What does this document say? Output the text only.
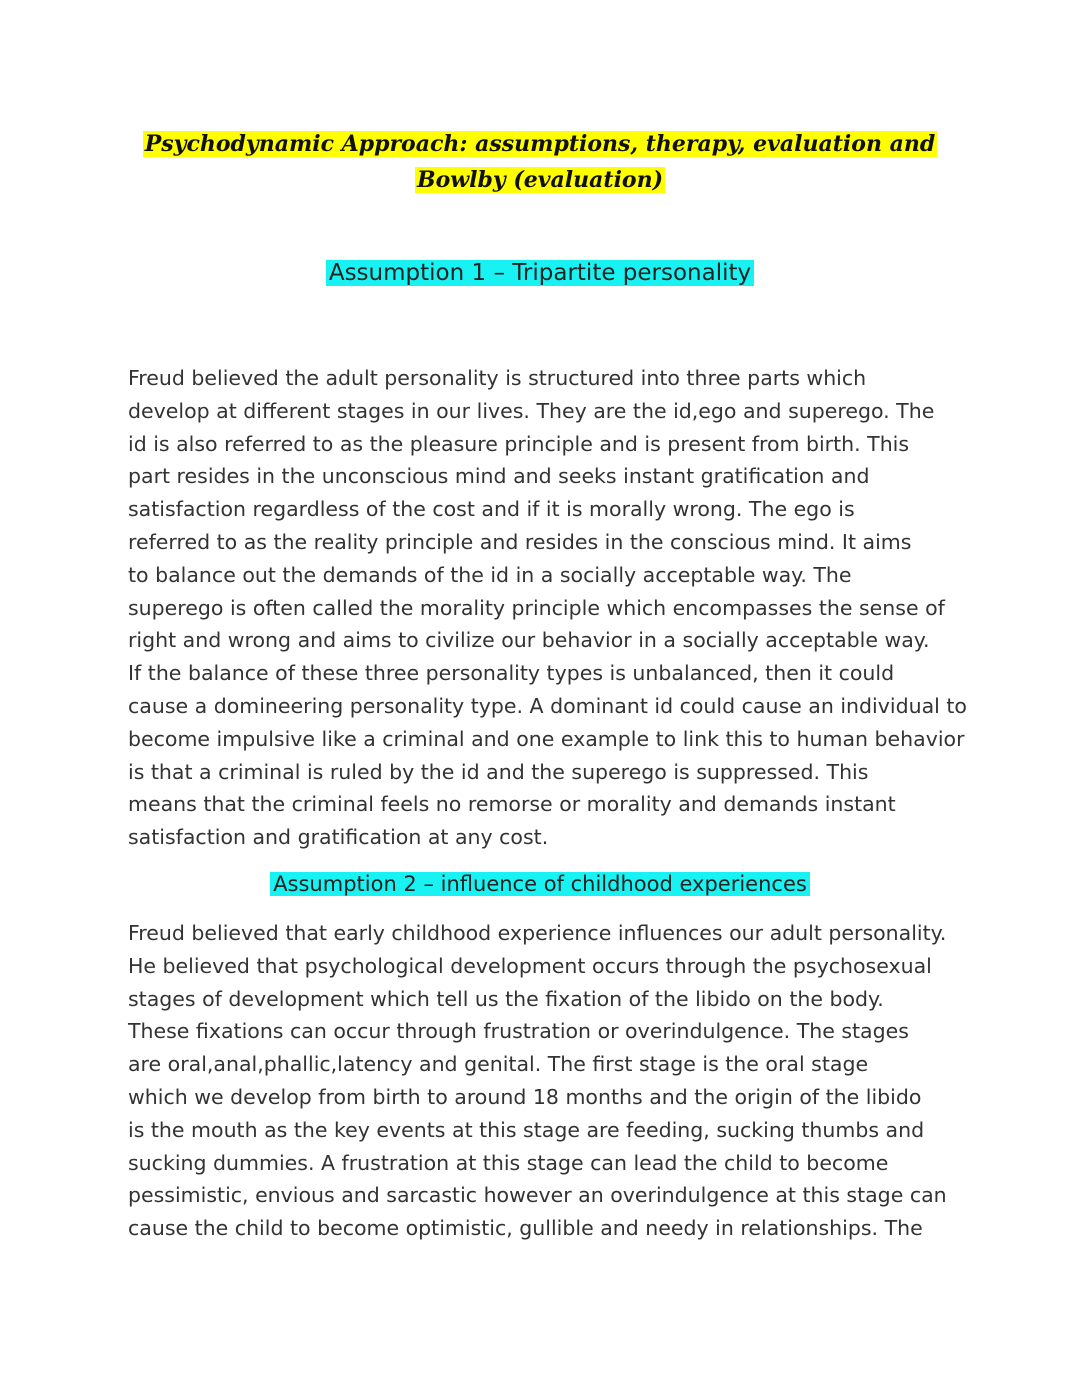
Psychodynamic Approach: assumptions, therapy, evaluation and
Bowlby (evaluation)
Assumption 1 – Tripartite personality
Freud believed the adult personality is structured into three parts which
develop at different stages in our lives. They are the id,ego and superego. The
id is also referred to as the pleasure principle and is present from birth. This
part resides in the unconscious mind and seeks instant gratification and
satisfaction regardless of the cost and if it is morally wrong. The ego is
referred to as the reality principle and resides in the conscious mind. It aims
to balance out the demands of the id in a socially acceptable way. The
superego is often called the morality principle which encompasses the sense of
right and wrong and aims to civilize our behavior in a socially acceptable way.
If the balance of these three personality types is unbalanced, then it could
cause a domineering personality type. A dominant id could cause an individual to
become impulsive like a criminal and one example to link this to human behavior
is that a criminal is ruled by the id and the superego is suppressed. This
means that the criminal feels no remorse or morality and demands instant
satisfaction and gratification at any cost.
Assumption 2 – influence of childhood experiences
Freud believed that early childhood experience influences our adult personality.
He believed that psychological development occurs through the psychosexual
stages of development which tell us the fixation of the libido on the body.
These fixations can occur through frustration or overindulgence. The stages
are oral,anal,phallic,latency and genital. The first stage is the oral stage
which we develop from birth to around 18 months and the origin of the libido
is the mouth as the key events at this stage are feeding, sucking thumbs and
sucking dummies. A frustration at this stage can lead the child to become
pessimistic, envious and sarcastic however an overindulgence at this stage can
cause the child to become optimistic, gullible and needy in relationships. The
